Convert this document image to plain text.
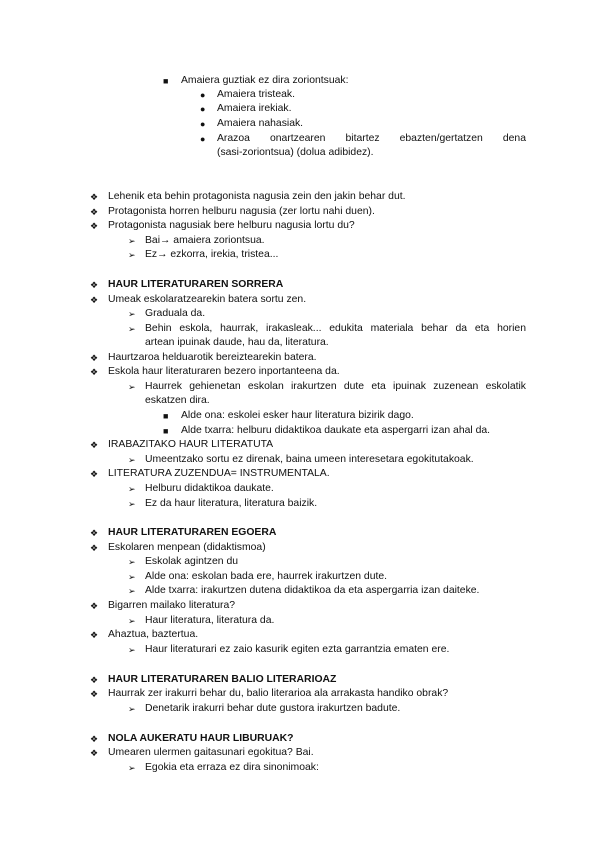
■ Amaiera guztiak ez dira zoriontsuak:
● Amaiera tristeak.
● Amaiera irekiak.
● Amaiera nahasiak.
● Arazoa onartzearen bitartez ebazten/gertatzen dena
(sasi-zoriontsua) (dolua adibidez).
❖ Lehenik eta behin protagonista nagusia zein den jakin behar dut.
❖ Protagonista horren helburu nagusia (zer lortu nahi duen).
❖ Protagonista nagusiak bere helburu nagusia lortu du?
➢ Bai→ amaiera zoriontsua.
➢ Ez→ ezkorra, irekia, tristea...
❖ HAUR LITERATURAREN SORRERA
❖ Umeak eskolaratzearekin batera sortu zen.
➢ Graduala da.
➢ Behin eskola, haurrak, irakasleak... edukita materiala behar da eta horien
artean ipuinak daude, hau da, literatura.
❖ Haurtzaroa helduarotik bereiztearekin batera.
❖ Eskola haur literaturaren bezero inportanteena da.
➢ Haurrek gehienetan eskolan irakurtzen dute eta ipuinak zuzenean eskolatik
eskatzen dira.
■ Alde ona: eskolei esker haur literatura bizirik dago.
■ Alde txarra: helburu didaktikoa daukate eta aspergarri izan ahal da.
❖ IRABAZITAKO HAUR LITERATUTA
➢ Umeentzako sortu ez direnak, baina umeen interesetara egokitutakoak.
❖ LITERATURA ZUZENDUA= INSTRUMENTALA.
➢ Helburu didaktikoa daukate.
➢ Ez da haur literatura, literatura baizik.
❖ HAUR LITERATURAREN EGOERA
❖ Eskolaren menpean (didaktismoa)
➢ Eskolak agintzen du
➢ Alde ona: eskolan bada ere, haurrek irakurtzen dute.
➢ Alde txarra: irakurtzen dutena didaktikoa da eta aspergarria izan daiteke.
❖ Bigarren mailako literatura?
➢ Haur literatura, literatura da.
❖ Ahaztua, baztertua.
➢ Haur literaturari ez zaio kasurik egiten ezta garrantzia ematen ere.
❖ HAUR LITERATURAREN BALIO LITERARIOAZ
❖ Haurrak zer irakurri behar du, balio literarioa ala arrakasta handiko obrak?
➢ Denetarik irakurri behar dute gustora irakurtzen badute.
❖ NOLA AUKERATU HAUR LIBURUAK?
❖ Umearen ulermen gaitasunari egokitua? Bai.
➢ Egokia eta erraza ez dira sinonimoak:
